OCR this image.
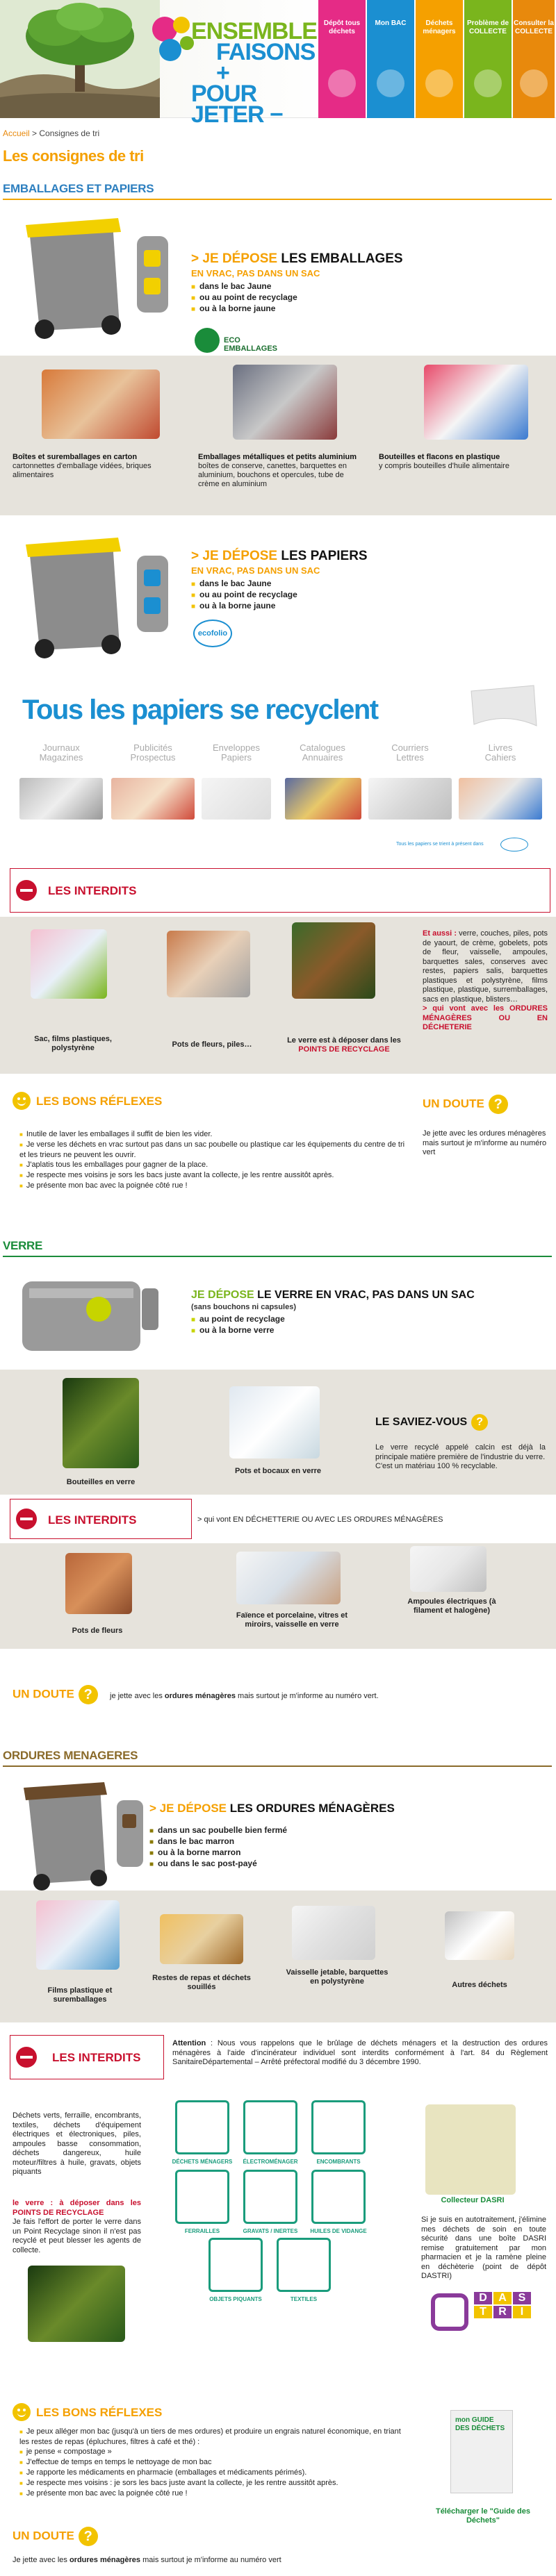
ENSEMBLE
FAISONS +
POUR JETER −
Dépôt tous déchets
Mon BAC	Déchets ménagers
Problème de COLLECTE
Consulter la COLLECTE
Accueil > Consignes de tri
Les consignes de tri
EMBALLAGES ET PAPIERS
> JE DÉPOSE LES EMBALLAGES
EN VRAC, PAS DANS UN SAC
■ dans le bac Jaune
■ ou au point de recyclage
■ ou à la borne jaune
ECO EMBALLAGES
Boîtes et suremballages en carton
cartonnettes d'emballage vidées, briques alimentaires
Emballages métalliques et petits aluminium
boîtes de conserve, canettes, barquettes en aluminium, bouchons et opercules, tube de crème en aluminium
Bouteilles et flacons en plastique
y compris bouteilles d'huile alimentaire
> JE DÉPOSE LES PAPIERS
EN VRAC, PAS DANS UN SAC
■ dans le bac Jaune
■ ou au point de recyclage
■ ou à la borne jaune
ecofolio
Tous les papiers se recyclent
Journaux
Magazines
Publicités
Prospectus
Enveloppes
Papiers
Catalogues
Annuaires
Courriers
Lettres
Livres
Cahiers
Tous les papiers se trient à présent dans
LES INTERDITS
Sac, films plastiques, polystyrène	Pots de fleurs, piles…	Le verre est à déposer dans les POINTS DE RECYCLAGE
Et aussi : verre, couches, piles, pots de yaourt, de crème, gobelets, pots de fleur, vaisselle, ampoules, barquettes sales, conserves avec restes, papiers salis, barquettes plastiques et polystyrène, films plastique, plastique, surremballages, sacs en plastique, blisters…
> qui vont avec les ORDURES MÉNAGÈRES OU EN DÉCHETERIE
LES BONS RÉFLEXES	UN DOUTE ?
■ Inutile de laver les emballages il suffit de bien les vider.
■ Je verse les déchets en vrac surtout pas dans un sac poubelle ou plastique car les équipements du centre de tri et les trieurs ne peuvent les ouvrir.
■ J'aplatis tous les emballages pour gagner de la place.
■ Je respecte mes voisins je sors les bacs juste avant la collecte, je les rentre aussitôt après.
■ Je présente mon bac avec la poignée côté rue !
Je jette avec les ordures ménagères mais surtout je m'informe au numéro vert
VERRE
JE DÉPOSE LE VERRE EN VRAC, PAS DANS UN SAC
(sans bouchons ni capsules)
■ au point de recyclage
■ ou à la borne verre
Bouteilles en verre
Pots et bocaux en verre
LE SAVIEZ-VOUS ?
Le verre recyclé appelé calcin est déjà la principale matière première de l'industrie du verre.
C'est un matériau 100 % recyclable.
LES INTERDITS	> qui vont EN DÉCHETTERIE OU AVEC LES ORDURES MÉNAGÈRES
Pots de fleurs
Faïence et porcelaine, vitres et miroirs, vaisselle en verre
Ampoules électriques (à filament et halogène)
UN DOUTE ?	je jette avec les ordures ménagères mais surtout je m'informe au numéro vert.
ORDURES MENAGERES
> JE DÉPOSE LES ORDURES MÉNAGÈRES
■ dans un sac poubelle bien fermé
■ dans le bac marron
■ ou à la borne marron
■ ou dans le sac post-payé
Films plastique et suremballages
Restes de repas et déchets souillés
Vaisselle jetable, barquettes en polystyrène	Autres déchets
LES INTERDITS
Attention : Nous vous rappelons que le brûlage de déchets ménagers et la destruction des ordures ménagères à l'aide d'incinérateur individuel sont interdits conformément à l'art. 84 du Règlement SanitaireDépartemental – Arrêté préfectoral modifié du 3 décembre 1990.
Déchets verts, ferraille, encombrants, textiles, déchets d'équipement électriques et électroniques, piles, ampoules basse consommation, déchets dangereux, huile moteur/filtres à huile, gravats, objets piquants
le verre : à déposer dans les POINTS DE RECYCLAGE
Je fais l'effort de porter le verre dans un Point Recyclage sinon il n'est pas recyclé et peut blesser les agents de collecte.
DÉCHETS MÉNAGERS	ÉLECTROMÉNAGER	ENCOMBRANTS
FERRAILLES	GRAVATS / INERTES	HUILES DE VIDANGE
OBJETS PIQUANTS	TEXTILES
Collecteur DASRI
Si je suis en autotraitement, j'élimine mes déchets de soin en toute sécurité dans une boîte DASRI remise gratuitement par mon pharmacien et je la ramène pleine en déchèterie (point de dépôt DASTRI)
D	A	S
T	R	I
LES BONS RÉFLEXES
■ Je peux alléger mon bac (jusqu'à un tiers de mes ordures) et produire un engrais naturel économique, en triant les restes de repas (épluchures, filtres à café et thé) :
■ je pense « compostage »
■ J'effectue de temps en temps le nettoyage de mon bac
■ Je rapporte les médicaments en pharmacie (emballages et médicaments périmés).
■ Je respecte mes voisins : je sors les bacs juste avant la collecte, je les rentre aussitôt après.
■ Je présente mon bac avec la poignée côté rue !
mon GUIDE DES DÉCHETS
Télécharger le "Guide des Déchets"
UN DOUTE ?
Je jette avec les ordures ménagères mais surtout je m'informe au numéro vert
